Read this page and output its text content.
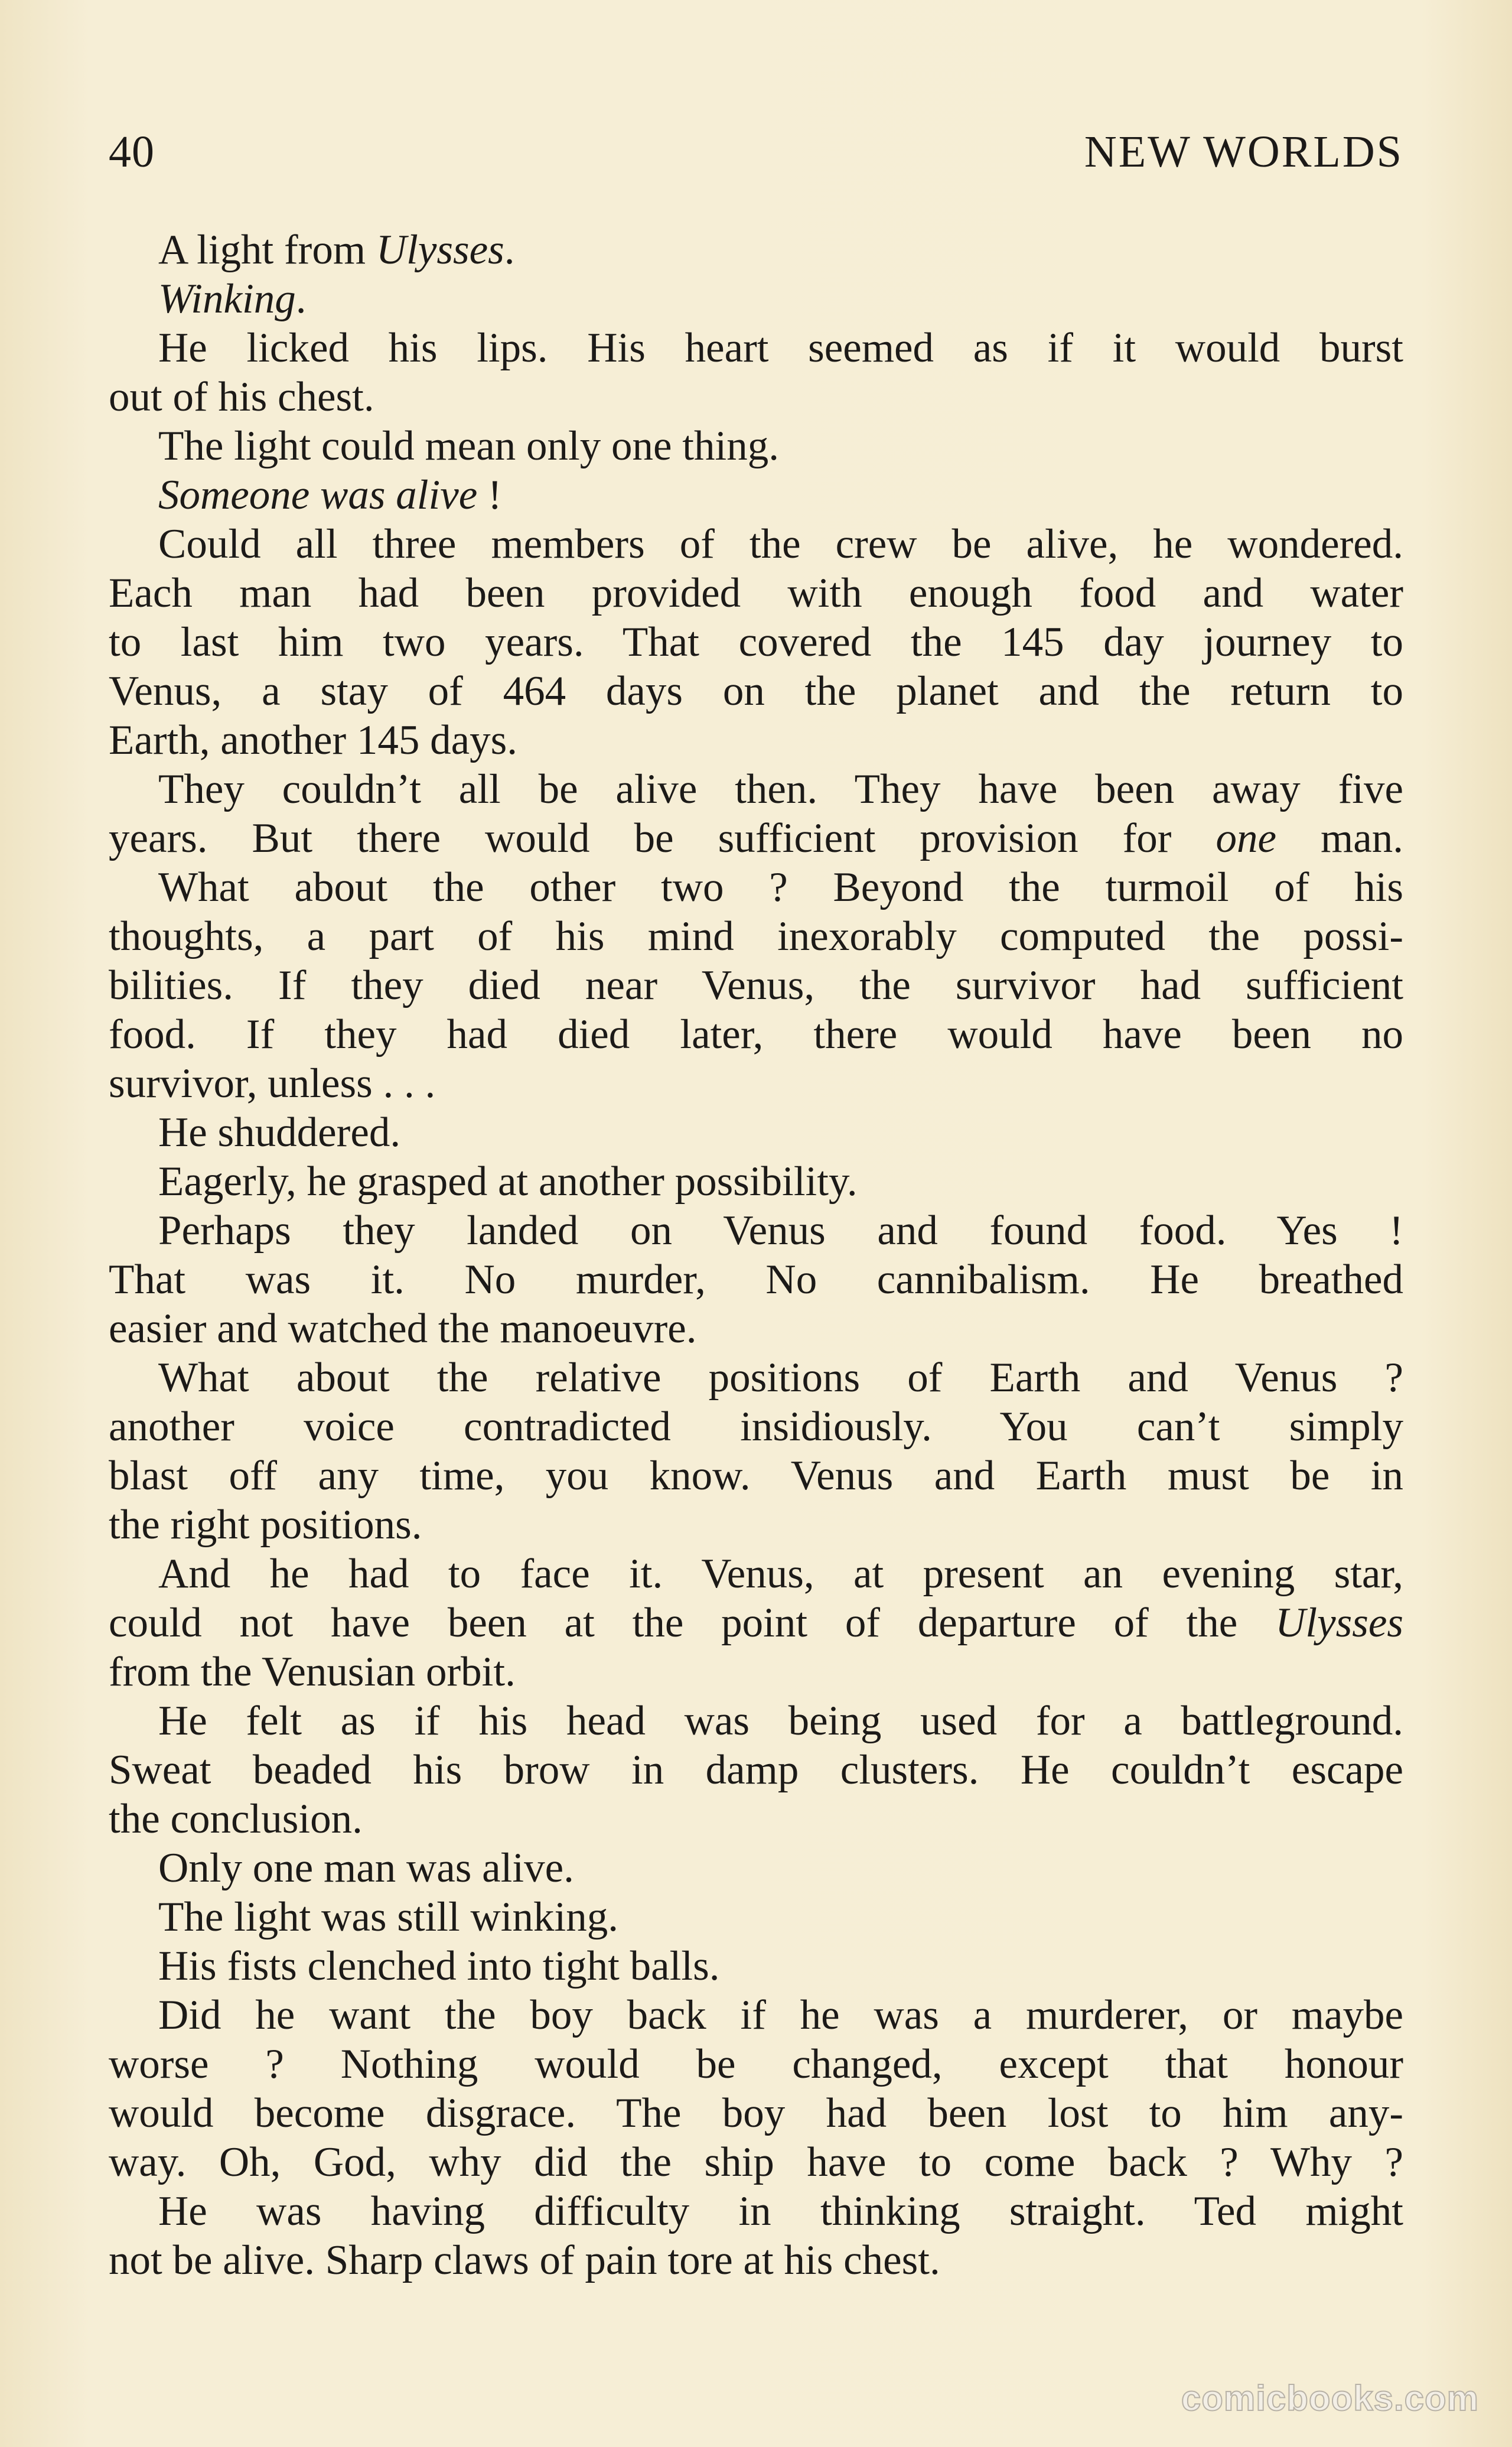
40	NEW WORLDS
A light from Ulysses.
Winking.
He licked his lips. His heart seemed as if it would burst
out of his chest.
The light could mean only one thing.
Someone was alive !
Could all three members of the crew be alive, he wondered.
Each man had been provided with enough food and water
to last him two years. That covered the 145 day journey to
Venus, a stay of 464 days on the planet and the return to
Earth, another 145 days.
They couldn’t all be alive then. They have been away five
years. But there would be sufficient provision for one man.
What about the other two ? Beyond the turmoil of his
thoughts, a part of his mind inexorably computed the possi-
bilities. If they died near Venus, the survivor had sufficient
food. If they had died later, there would have been no
survivor, unless . . .
He shuddered.
Eagerly, he grasped at another possibility.
Perhaps they landed on Venus and found food. Yes !
That was it. No murder, No cannibalism. He breathed
easier and watched the manoeuvre.
What about the relative positions of Earth and Venus ?
another voice contradicted insidiously. You can’t simply
blast off any time, you know. Venus and Earth must be in
the right positions.
And he had to face it. Venus, at present an evening star,
could not have been at the point of departure of the Ulysses
from the Venusian orbit.
He felt as if his head was being used for a battleground.
Sweat beaded his brow in damp clusters. He couldn’t escape
the conclusion.
Only one man was alive.
The light was still winking.
His fists clenched into tight balls.
Did he want the boy back if he was a murderer, or maybe
worse ? Nothing would be changed, except that honour
would become disgrace. The boy had been lost to him any-
way. Oh, God, why did the ship have to come back ? Why ?
He was having difficulty in thinking straight. Ted might
not be alive. Sharp claws of pain tore at his chest.
comicbooks.com
